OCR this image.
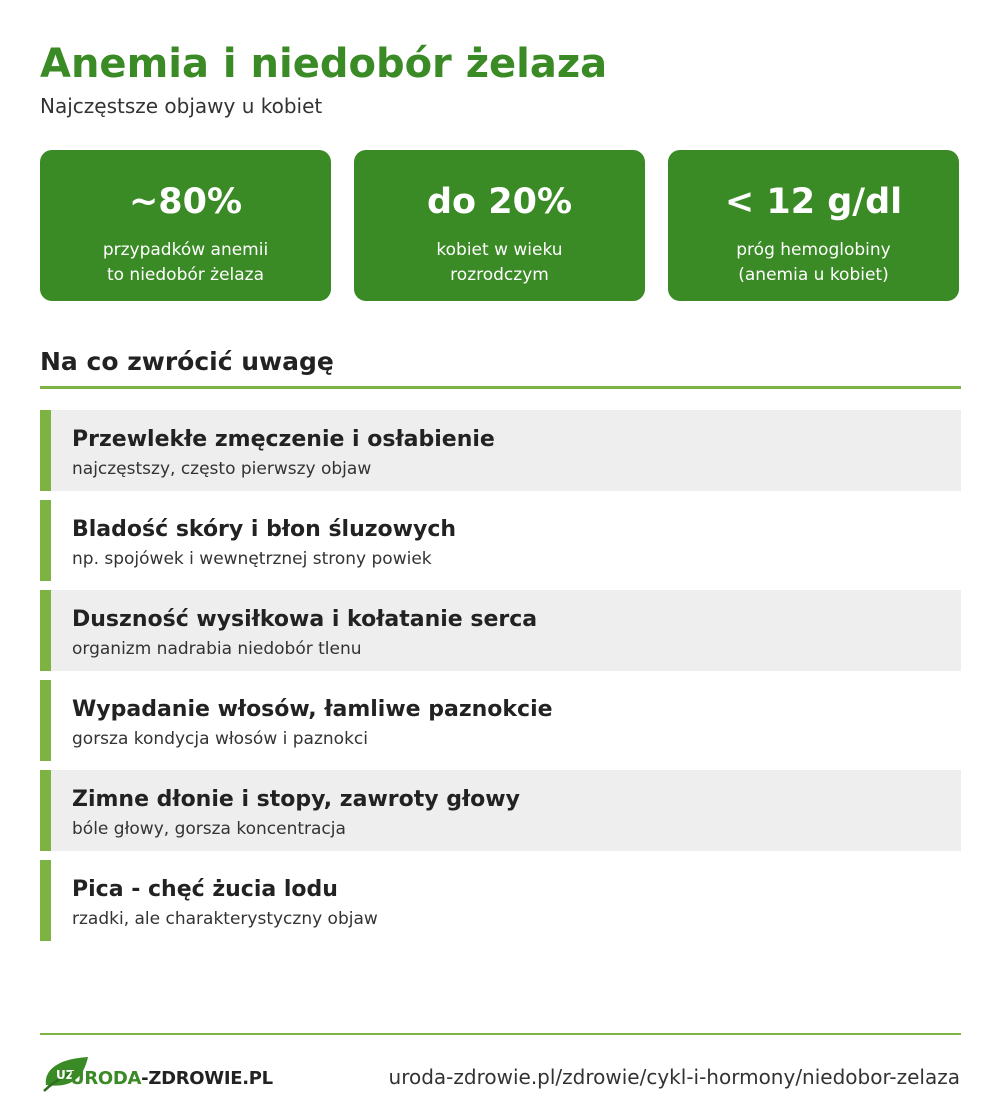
Anemia i niedobór żelaza
Najczęstsze objawy u kobiet
~80%
przypadków anemii
to niedobór żelaza
do 20%
kobiet w wieku
rozrodczym
< 12 g/dl
próg hemoglobiny
(anemia u kobiet)
Na co zwrócić uwagę
Przewlekłe zmęczenie i osłabienie
najczęstszy, często pierwszy objaw
Bladość skóry i błon śluzowych
np. spojówek i wewnętrznej strony powiek
Duszność wysiłkowa i kołatanie serca
organizm nadrabia niedobór tlenu
Wypadanie włosów, łamliwe paznokcie
gorsza kondycja włosów i paznokci
Zimne dłonie i stopy, zawroty głowy
bóle głowy, gorsza koncentracja
Pica - chęć żucia lodu
rzadki, ale charakterystyczny objaw
UZ
URODA-ZDROWIE.PL	uroda-zdrowie.pl/zdrowie/cykl-i-hormony/niedobor-zelaza
